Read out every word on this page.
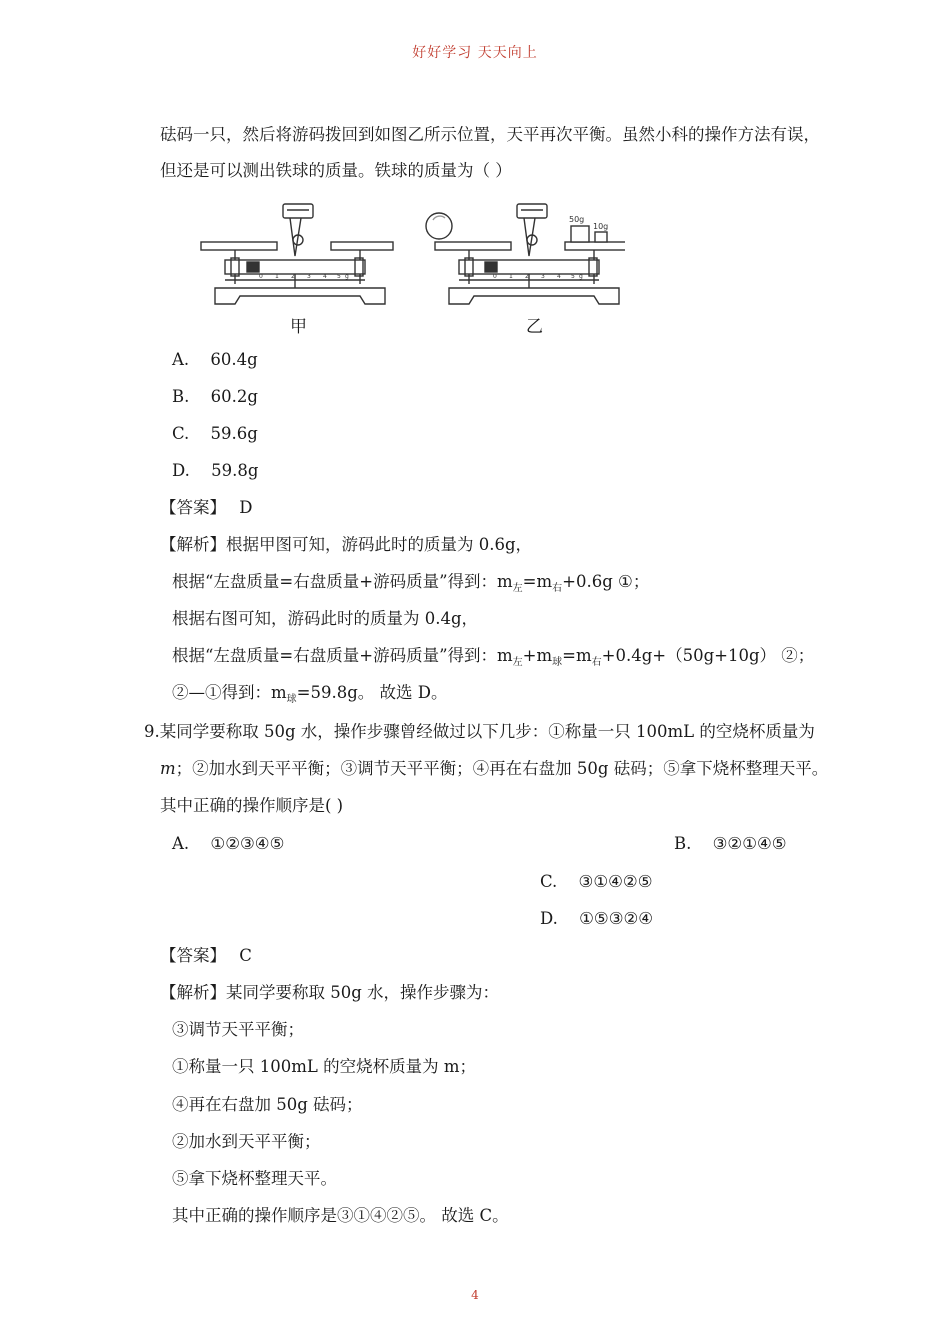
好好学习 天天向上
砝码一只，然后将游码拨回到如图乙所示位置，天平再次平衡。虽然小科的操作方法有误，
但还是可以测出铁球的质量。铁球的质量为（ ）
0 1 2 3 4 5 g
50g
10g
0 1 2 3 4 5 g
甲	乙
A. 60.4g
B. 60.2g
C. 59.6g
D. 59.8g
【答案】 D
【解析】根据甲图可知，游码此时的质量为 0.6g，
根据“左盘质量=右盘质量+游码质量”得到：$m_左=m_右+0.6g$ ①；
根据右图可知，游码此时的质量为 0.4g，
根据“左盘质量=右盘质量+游码质量”得到：$m_左+m_球=m_右+0.4g+(50g+10g)$ ②；
②—①得到：$m_球=59.8g$。 故选 D。
9.某同学要称取 50g 水，操作步骤曾经做过以下几步：①称量一只 100mL 的空烧杯质量为
m；②加水到天平平衡；③调节天平平衡；④再在右盘加 50g 砝码；⑤拿下烧杯整理天平。
其中正确的操作顺序是( )
A. ①②③④⑤	B. ③②①④⑤
C. ③①④②⑤
D. ①⑤③②④
【答案】 C
【解析】某同学要称取 50g 水，操作步骤为：
③调节天平平衡；
①称量一只 100mL 的空烧杯质量为 m；
④再在右盘加 50g 砝码；
②加水到天平平衡；
⑤拿下烧杯整理天平。
其中正确的操作顺序是③①④②⑤。 故选 C。
4
